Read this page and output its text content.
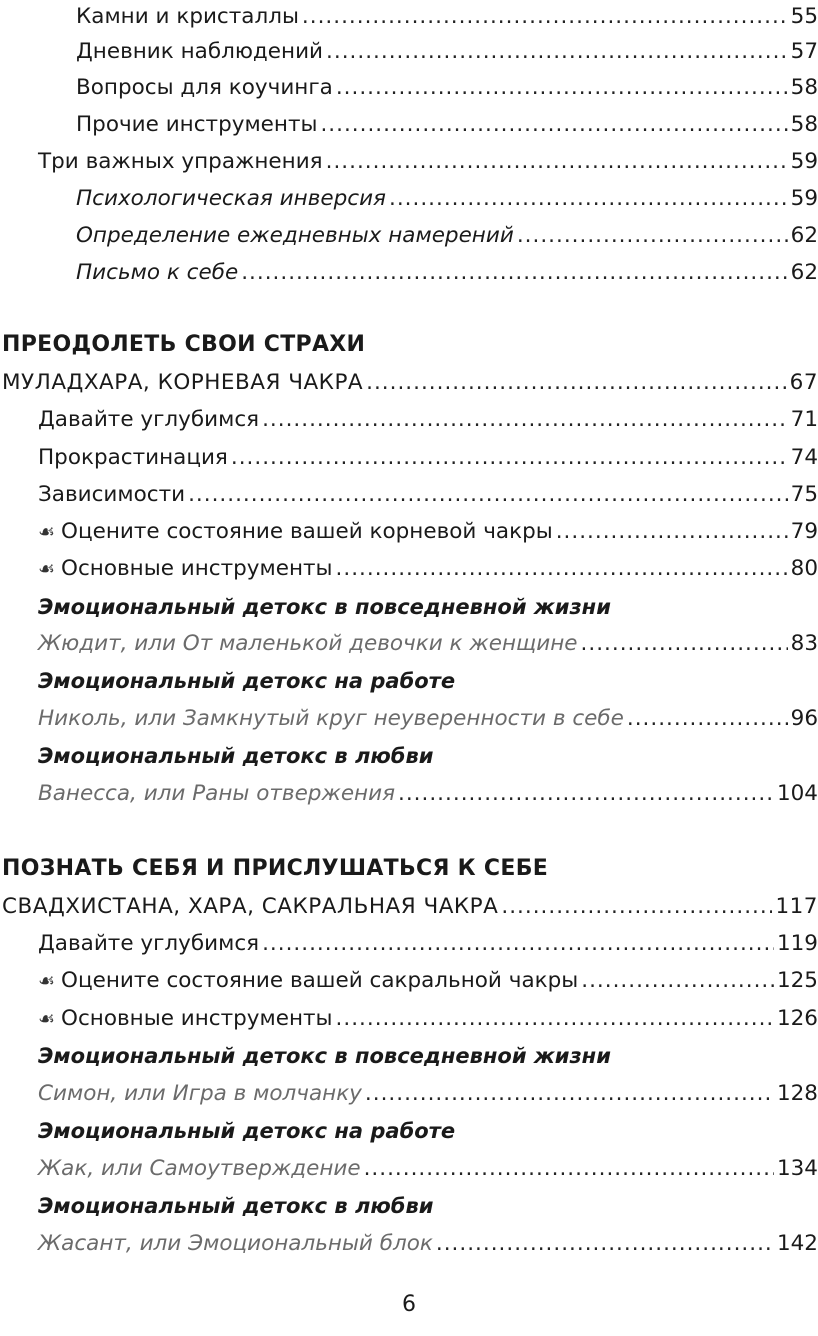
Камни и кристаллы .....	55
Дневник наблюдений .....	57
Вопросы для коучинга .....	58
Прочие инструменты .....	58
Три важных упражнения .....	59
Психологическая инверсия .....	59
Определение ежедневных намерений .....	62
Письмо к себе .....	62
ПРЕОДОЛЕТЬ СВОИ СТРАХИ
МУЛАДХАРА, КОРНЕВАЯ ЧАКРА .....	67
Давайте углубимся .....	71
Прокрастинация .....	74
Зависимости .....	75
☙ Оцените состояние вашей корневой чакры .....	79
☙ Основные инструменты .....	80
Эмоциональный детокс в повседневной жизни
Жюдит, или От маленькой девочки к женщине .....	83
Эмоциональный детокс на работе
Николь, или Замкнутый круг неуверенности в себе .....	96
Эмоциональный детокс в любви
Ванесса, или Раны отвержения .....	104
ПОЗНАТЬ СЕБЯ И ПРИСЛУШАТЬСЯ К СЕБЕ
СВАДХИСТАНА, ХАРА, САКРАЛЬНАЯ ЧАКРА .....	117
Давайте углубимся .....	119
☙ Оцените состояние вашей сакральной чакры .....	125
☙ Основные инструменты .....	126
Эмоциональный детокс в повседневной жизни
Симон, или Игра в молчанку .....	128
Эмоциональный детокс на работе
Жак, или Самоутверждение .....	134
Эмоциональный детокс в любви
Жасант, или Эмоциональный блок .....	142
6
